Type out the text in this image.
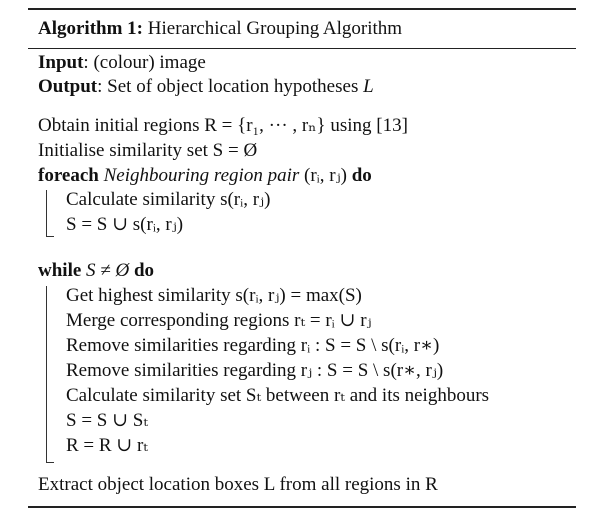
Algorithm 1: Hierarchical Grouping Algorithm
Input: (colour) image
Output: Set of object location hypotheses L
Obtain initial regions R = {r₁, ··· , rₙ} using [13]
Initialise similarity set S = Ø
foreach Neighbouring region pair (rᵢ, rⱼ) do
Calculate similarity s(rᵢ, rⱼ)
S = S ∪ s(rᵢ, rⱼ)
while S ≠ Ø do
Get highest similarity s(rᵢ, rⱼ) = max(S)
Merge corresponding regions rₜ = rᵢ ∪ rⱼ
Remove similarities regarding rᵢ : S = S \ s(rᵢ, r∗)
Remove similarities regarding rⱼ : S = S \ s(r∗, rⱼ)
Calculate similarity set Sₜ between rₜ and its neighbours
S = S ∪ Sₜ
R = R ∪ rₜ
Extract object location boxes L from all regions in R
